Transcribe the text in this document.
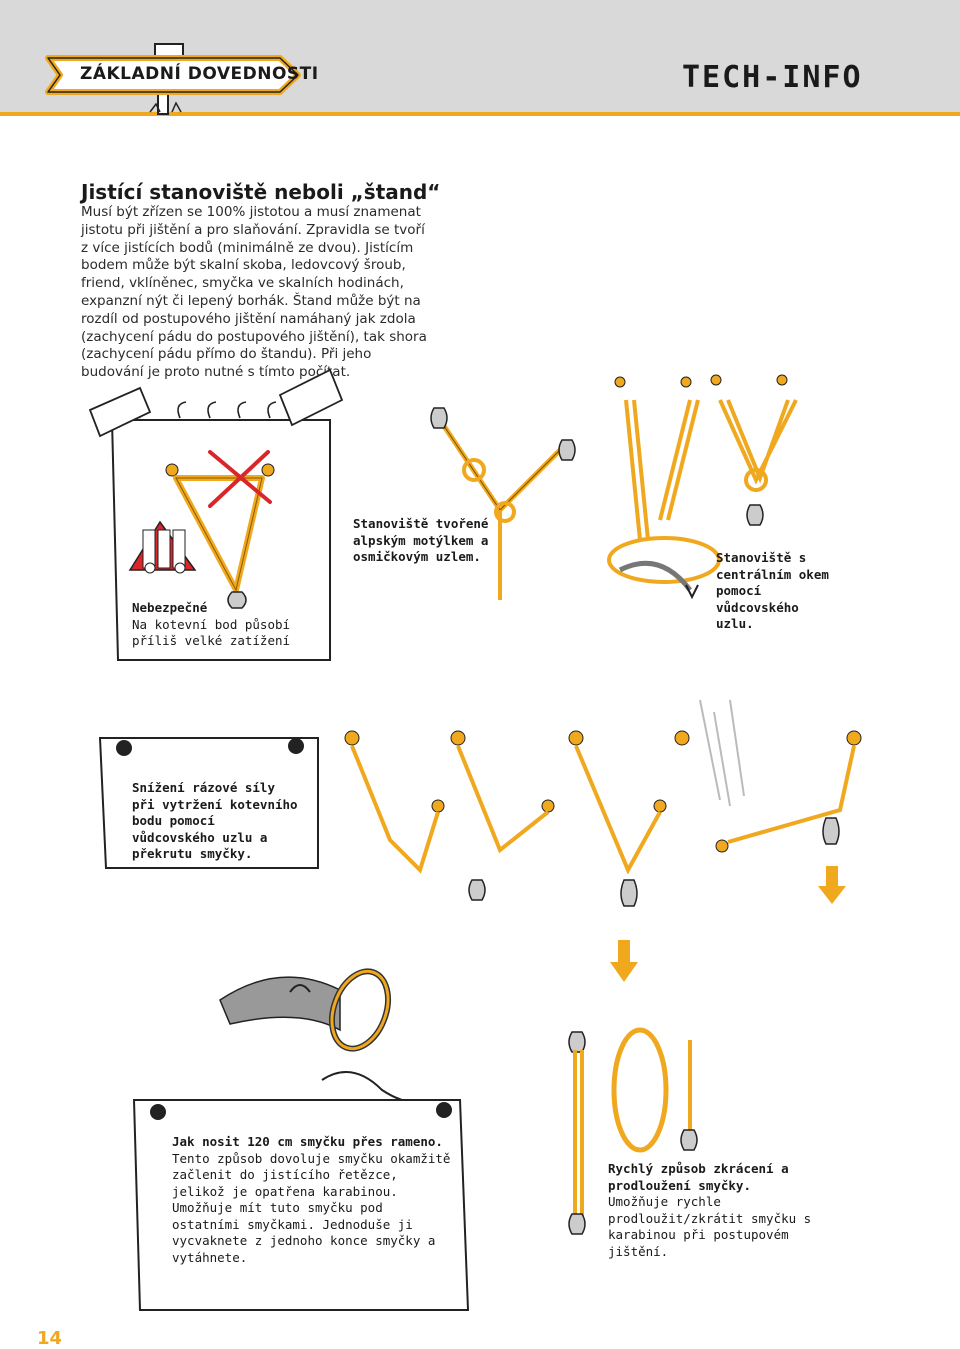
ZÁKLADNÍ DOVEDNOSTI	TECH-INFO
Jistící stanoviště neboli „štand“

Musí být zřízen se 100% jistotou a musí znamenat jistotu při jištění a pro slaňování. Zpravidla se tvoří z více jistících bodů (minimálně ze dvou). Jistícím bodem může být skalní skoba, ledovcový šroub, friend, vklíněnec, smyčka ve skalních hodinách, expanzní nýt či lepený borhák. Štand může být na rozdíl od postupového jištění namáhaný jak zdola (zachycení pádu do postupového jištění), tak shora (zachycení pádu přímo do štandu). Při jeho budování je proto nutné s tímto počítat.

Nebezpečné
Na kotevní bod působí příliš velké zatížení

Stanoviště tvořené alpským motýlkem a osmičkovým uzlem.	Stanoviště s centrálním okem pomocí vůdcovského uzlu.

Snížení rázové síly při vytržení kotevního bodu pomocí vůdcovského uzlu a překrutu smyčky.

Jak nosit 120 cm smyčku přes rameno.
Tento způsob dovoluje smyčku okamžitě začlenit do jistícího řetězce, jelikož je opatřena karabinou. Umožňuje mít tuto smyčku pod ostatními smyčkami. Jednoduše ji vycvaknete z jednoho konce smyčky a vytáhnete.

Rychlý způsob zkrácení a prodloužení smyčky.
Umožňuje rychle prodloužit/zkrátit smyčku s karabinou při postupovém jištění.

14
